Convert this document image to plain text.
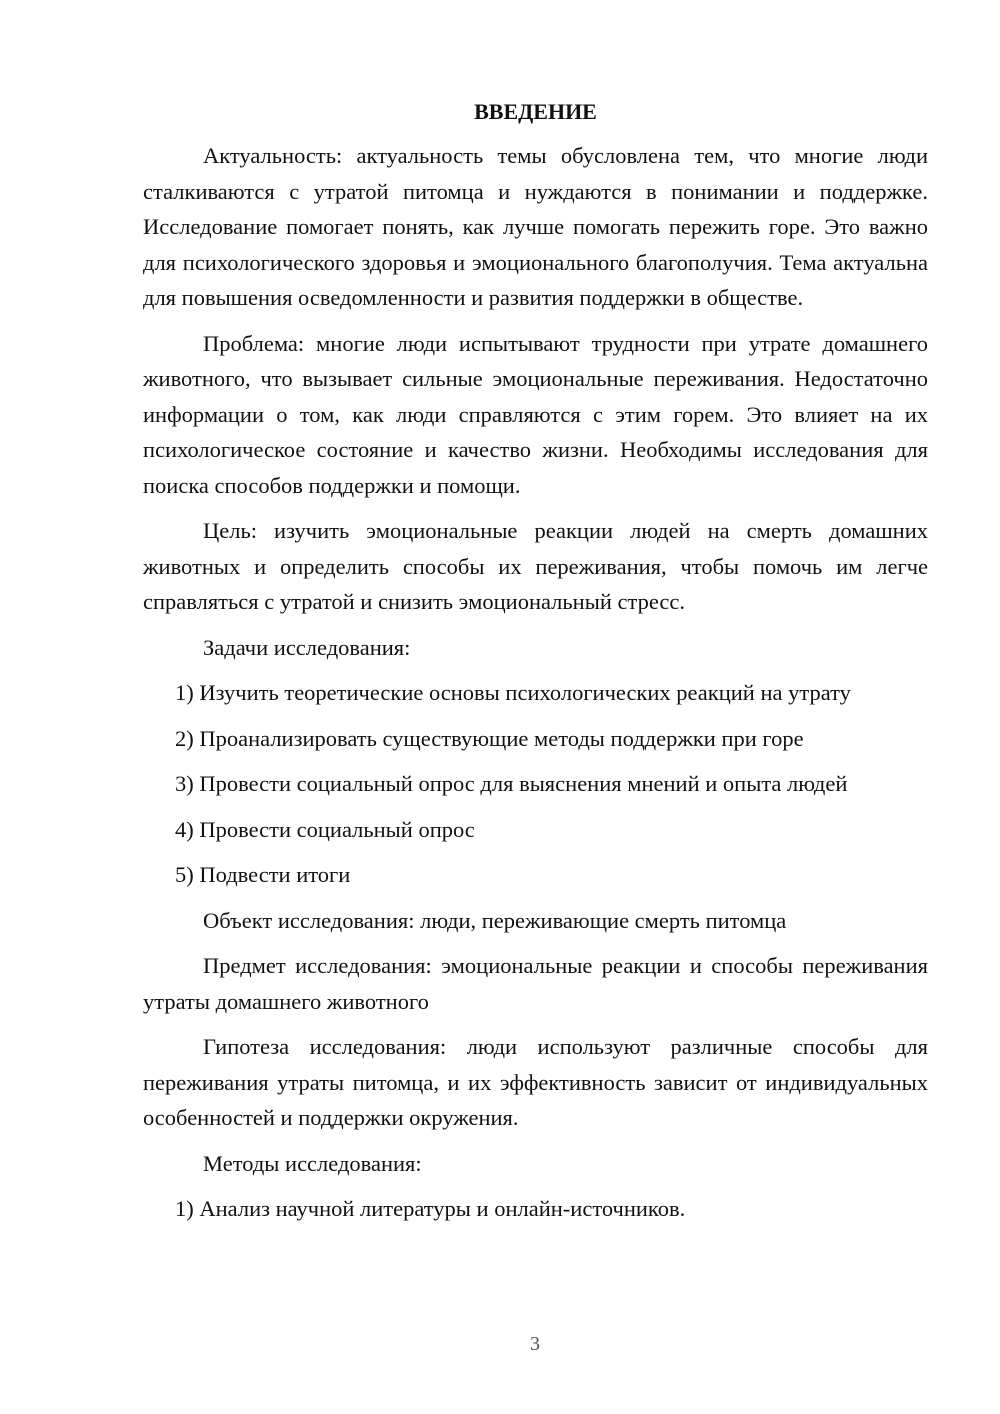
ВВЕДЕНИЕ

Актуальность: актуальность темы обусловлена тем, что многие люди сталкиваются с утратой питомца и нуждаются в понимании и поддержке. Исследование помогает понять, как лучше помогать пережить горе. Это важно для психологического здоровья и эмоционального благополучия. Тема актуальна для повышения осведомленности и развития поддержки в обществе.

Проблема: многие люди испытывают трудности при утрате домашнего животного, что вызывает сильные эмоциональные переживания. Недостаточно информации о том, как люди справляются с этим горем. Это влияет на их психологическое состояние и качество жизни. Необходимы исследования для поиска способов поддержки и помощи.

Цель: изучить эмоциональные реакции людей на смерть домашних животных и определить способы их переживания, чтобы помочь им легче справляться с утратой и снизить эмоциональный стресс.

Задачи исследования:

1) Изучить теоретические основы психологических реакций на утрату

2) Проанализировать существующие методы поддержки при горе

3) Провести социальный опрос для выяснения мнений и опыта людей

4) Провести социальный опрос

5) Подвести итоги

Объект исследования: люди, переживающие смерть питомца

Предмет исследования: эмоциональные реакции и способы переживания утраты домашнего животного

Гипотеза исследования: люди используют различные способы для переживания утраты питомца, и их эффективность зависит от индивидуальных особенностей и поддержки окружения.

Методы исследования:

1) Анализ научной литературы и онлайн-источников.

3
